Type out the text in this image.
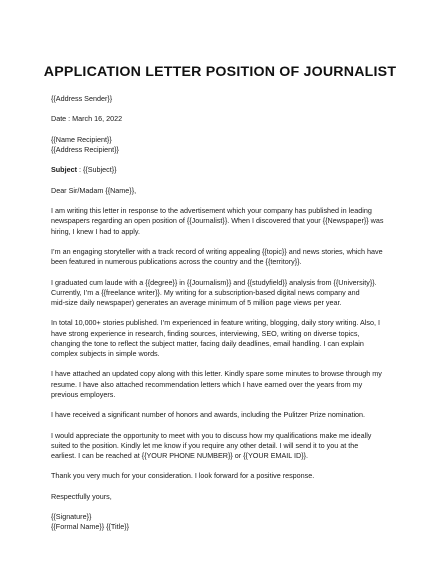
APPLICATION LETTER POSITION OF JOURNALIST

{{Address Sender}}

Date : March 16, 2022

{{Name Recipient}}

{{Address Recipient}}

Subject : {{Subject}}

Dear Sir/Madam {{Name}},

I am writing this letter in response to the advertisement which your company has published in leading

newspapers regarding an open position of {{Journalist}}. When I discovered that your {{Newspaper}} was

hiring, I knew I had to apply.

I’m an engaging storyteller with a track record of writing appealing {{topic}} and news stories, which have

been featured in numerous publications across the country and the {{territory}}.

I graduated cum laude with a {{degree}} in {{Journalism}} and {{studyfield}} analysis from {{University}}.

Currently, I’m a {{freelance writer}}. My writing for a subscription-based digital news company and

mid-size daily newspaper) generates an average minimum of 5 million page views per year.

In total 10,000+ stories published. I’m experienced in feature writing, blogging, daily story writing. Also, I

have strong experience in research, finding sources, interviewing, SEO, writing on diverse topics,

changing the tone to reflect the subject matter, facing daily deadlines, email handling. I can explain

complex subjects in simple words.

I have attached an updated copy along with this letter. Kindly spare some minutes to browse through my

resume. I have also attached recommendation letters which I have earned over the years from my

previous employers.

I have received a significant number of honors and awards, including the Pulitzer Prize nomination.

I would appreciate the opportunity to meet with you to discuss how my qualifications make me ideally

suited to the position. Kindly let me know if you require any other detail. I will send it to you at the

earliest. I can be reached at {{YOUR PHONE NUMBER}} or {{YOUR EMAIL ID}}.

Thank you very much for your consideration. I look forward for a positive response.

Respectfully yours,

{{Signature}}

{{Formal Name}} {{Title}}
